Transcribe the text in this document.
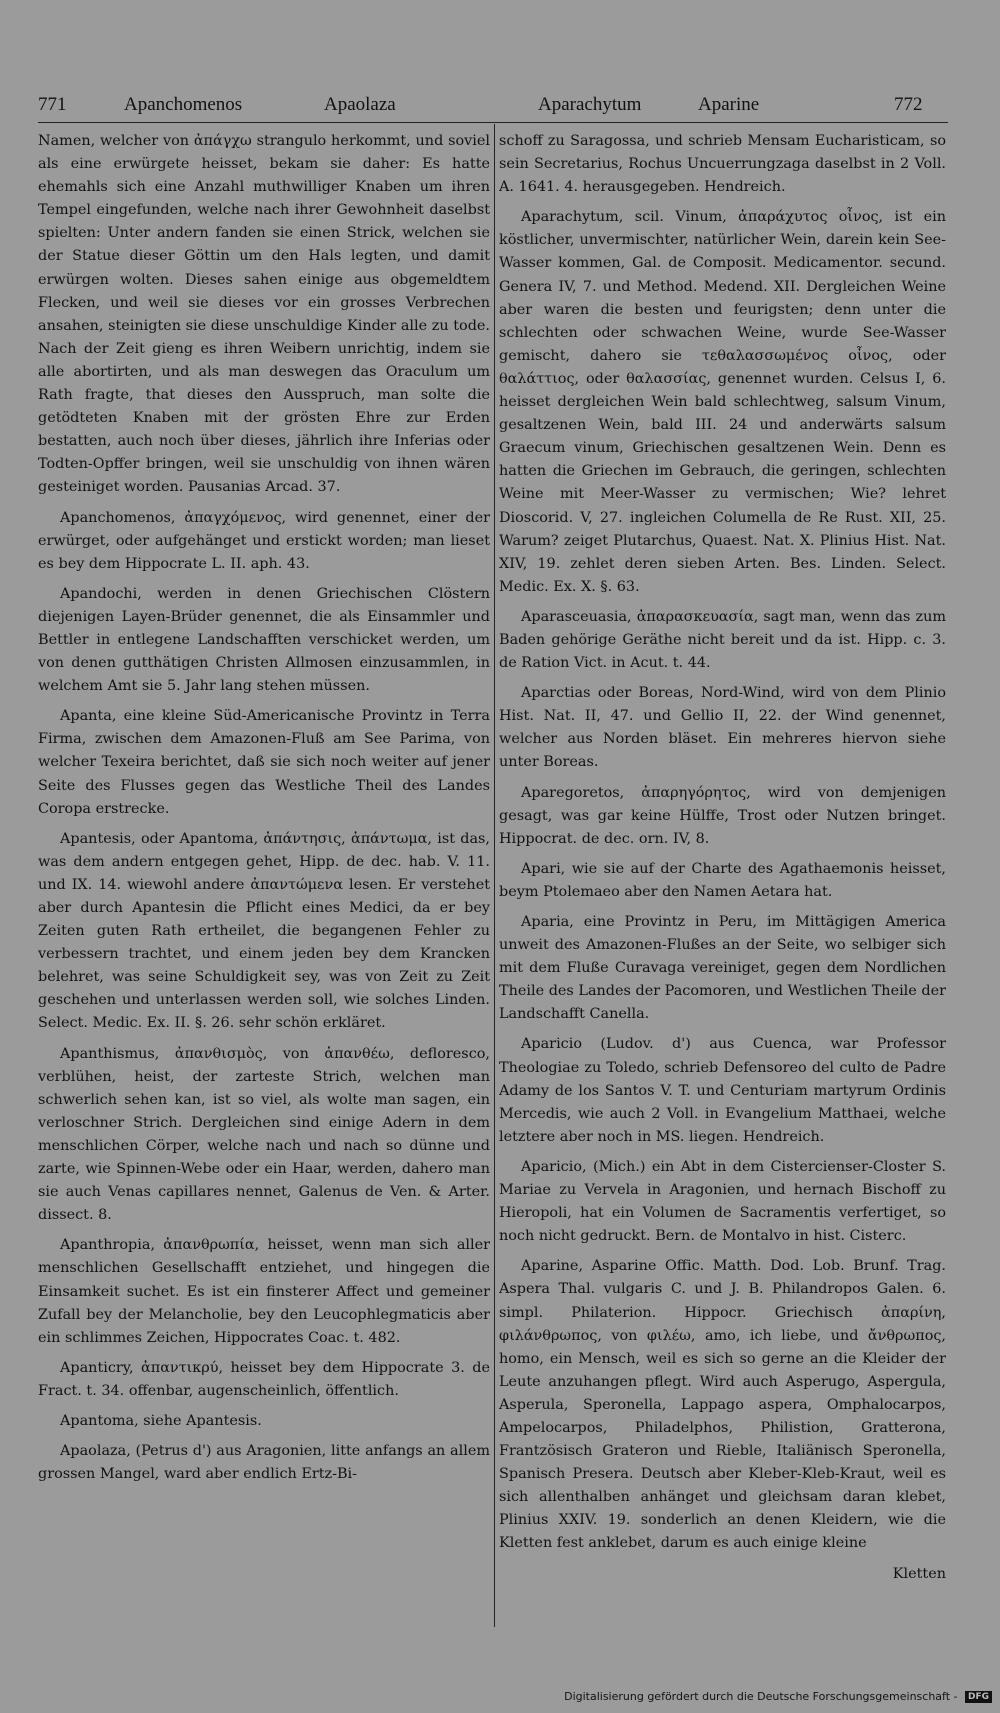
771	Apanchomenos	Apaolaza	Aparachytum	Aparine	772

Namen, welcher von ἀπάγχω strangulo herkommt, und soviel als eine erwürgete heisset, bekam sie daher: Es hatte ehemahls sich eine Anzahl muthwilliger Knaben um ihren Tempel eingefunden, welche nach ihrer Gewohnheit daselbst spielten: Unter andern fanden sie einen Strick, welchen sie der Statue dieser Göttin um den Hals legten, und damit erwürgen wolten. Dieses sahen einige aus obgemeldtem Flecken, und weil sie dieses vor ein grosses Verbrechen ansahen, steinigten sie diese unschuldige Kinder alle zu tode. Nach der Zeit gieng es ihren Weibern unrichtig, indem sie alle abortirten, und als man deswegen das Oraculum um Rath fragte, that dieses den Ausspruch, man solte die getödteten Knaben mit der grösten Ehre zur Erden bestatten, auch noch über dieses, jährlich ihre Inferias oder Todten-Opffer bringen, weil sie unschuldig von ihnen wären gesteiniget worden. Pausanias Arcad. 37.

Apanchomenos, ἀπαγχόμενος, wird genennet, einer der erwürget, oder aufgehänget und erstickt worden; man lieset es bey dem Hippocrate L. II. aph. 43.

Apandochi, werden in denen Griechischen Clöstern diejenigen Layen-Brüder genennet, die als Einsammler und Bettler in entlegene Landschafften verschicket werden, um von denen gutthätigen Christen Allmosen einzusammlen, in welchem Amt sie 5. Jahr lang stehen müssen.

Apanta, eine kleine Süd-Americanische Provintz in Terra Firma, zwischen dem Amazonen-Fluß am See Parima, von welcher Texeira berichtet, daß sie sich noch weiter auf jener Seite des Flusses gegen das Westliche Theil des Landes Coropa erstrecke.

Apantesis, oder Apantoma, ἀπάντησις, ἀπάντωμα, ist das, was dem andern entgegen gehet, Hipp. de dec. hab. V. 11. und IX. 14. wiewohl andere ἀπαντώμενα lesen. Er verstehet aber durch Apantesin die Pflicht eines Medici, da er bey Zeiten guten Rath ertheilet, die begangenen Fehler zu verbessern trachtet, und einem jeden bey dem Krancken belehret, was seine Schuldigkeit sey, was von Zeit zu Zeit geschehen und unterlassen werden soll, wie solches Linden. Select. Medic. Ex. II. §. 26. sehr schön erkläret.

Apanthismus, ἀπανθισμὸς, von ἀπανθέω, defloresco, verblühen, heist, der zarteste Strich, welchen man schwerlich sehen kan, ist so viel, als wolte man sagen, ein verloschner Strich. Dergleichen sind einige Adern in dem menschlichen Cörper, welche nach und nach so dünne und zarte, wie Spinnen-Webe oder ein Haar, werden, dahero man sie auch Venas capillares nennet, Galenus de Ven. & Arter. dissect. 8.

Apanthropia, ἀπανθρωπία, heisset, wenn man sich aller menschlichen Gesellschafft entziehet, und hingegen die Einsamkeit suchet. Es ist ein finsterer Affect und gemeiner Zufall bey der Melancholie, bey den Leucophlegmaticis aber ein schlimmes Zeichen, Hippocrates Coac. t. 482.

Apanticry, ἀπαντικρύ, heisset bey dem Hippocrate 3. de Fract. t. 34. offenbar, augenscheinlich, öffentlich.

Apantoma, siehe Apantesis.

Apaolaza, (Petrus d') aus Aragonien, litte anfangs an allem grossen Mangel, ward aber endlich Ertz-Bi-

schoff zu Saragossa, und schrieb Mensam Eucharisticam, so sein Secretarius, Rochus Uncuerrungzaga daselbst in 2 Voll. A. 1641. 4. herausgegeben. Hendreich.

Aparachytum, scil. Vinum, ἀπαράχυτος οἶνος, ist ein köstlicher, unvermischter, natürlicher Wein, darein kein See-Wasser kommen, Gal. de Composit. Medicamentor. secund. Genera IV, 7. und Method. Medend. XII. Dergleichen Weine aber waren die besten und feurigsten; denn unter die schlechten oder schwachen Weine, wurde See-Wasser gemischt, dahero sie τεθαλασσωμένος οἶνος, oder θαλάττιος, oder θαλασσίας, genennet wurden. Celsus I, 6. heisset dergleichen Wein bald schlechtweg, salsum Vinum, gesaltzenen Wein, bald III. 24 und anderwärts salsum Graecum vinum, Griechischen gesaltzenen Wein. Denn es hatten die Griechen im Gebrauch, die geringen, schlechten Weine mit Meer-Wasser zu vermischen; Wie? lehret Dioscorid. V, 27. ingleichen Columella de Re Rust. XII, 25. Warum? zeiget Plutarchus, Quaest. Nat. X. Plinius Hist. Nat. XIV, 19. zehlet deren sieben Arten. Bes. Linden. Select. Medic. Ex. X. §. 63.

Aparasceuasia, ἀπαρασκευασία, sagt man, wenn das zum Baden gehörige Geräthe nicht bereit und da ist. Hipp. c. 3. de Ration Vict. in Acut. t. 44.

Aparctias oder Boreas, Nord-Wind, wird von dem Plinio Hist. Nat. II, 47. und Gellio II, 22. der Wind genennet, welcher aus Norden bläset. Ein mehreres hiervon siehe unter Boreas.

Aparegoretos, ἀπαρηγόρητος, wird von demjenigen gesagt, was gar keine Hülffe, Trost oder Nutzen bringet. Hippocrat. de dec. orn. IV, 8.

Apari, wie sie auf der Charte des Agathaemonis heisset, beym Ptolemaeo aber den Namen Aetara hat.

Aparia, eine Provintz in Peru, im Mittägigen America unweit des Amazonen-Flußes an der Seite, wo selbiger sich mit dem Fluße Curavaga vereiniget, gegen dem Nordlichen Theile des Landes der Pacomoren, und Westlichen Theile der Landschafft Canella.

Aparicio (Ludov. d') aus Cuenca, war Professor Theologiae zu Toledo, schrieb Defensoreo del culto de Padre Adamy de los Santos V. T. und Centuriam martyrum Ordinis Mercedis, wie auch 2 Voll. in Evangelium Matthaei, welche letztere aber noch in MS. liegen. Hendreich.

Aparicio, (Mich.) ein Abt in dem Cistercienser-Closter S. Mariae zu Vervela in Aragonien, und hernach Bischoff zu Hieropoli, hat ein Volumen de Sacramentis verfertiget, so noch nicht gedruckt. Bern. de Montalvo in hist. Cisterc.

Aparine, Asparine Offic. Matth. Dod. Lob. Brunf. Trag. Aspera Thal. vulgaris C. und J. B. Philandropos Galen. 6. simpl. Philaterion. Hippocr. Griechisch ἀπαρίνη, φιλάνθρωπος, von φιλέω, amo, ich liebe, und ἄνθρωπος, homo, ein Mensch, weil es sich so gerne an die Kleider der Leute anzuhangen pflegt. Wird auch Asperugo, Aspergula, Asperula, Speronella, Lappago aspera, Omphalocarpos, Ampelocarpos, Philadelphos, Philistion, Gratterona, Frantzösisch Grateron und Rieble, Italiänisch Speronella, Spanisch Presera. Deutsch aber Kleber-Kleb-Kraut, weil es sich allenthalben anhänget und gleichsam daran klebet, Plinius XXIV. 19. sonderlich an denen Kleidern, wie die Kletten fest anklebet, darum es auch einige kleine

Kletten

Digitalisierung gefördert durch die Deutsche Forschungsgemeinschaft - DFG
